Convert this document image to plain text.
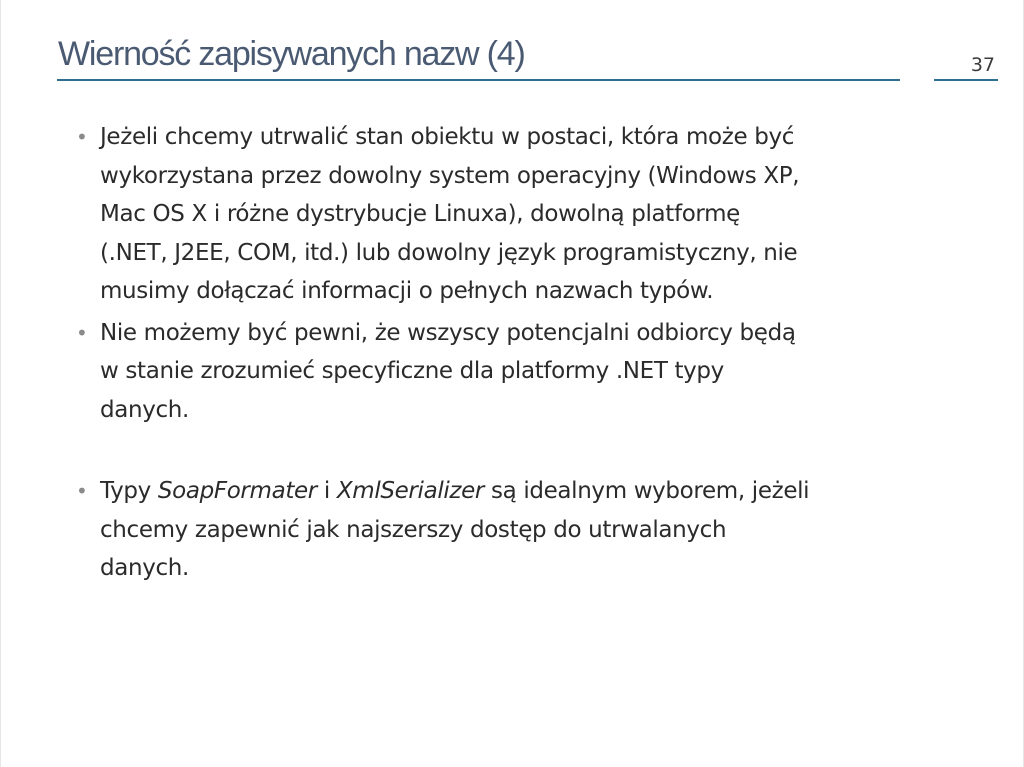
Wierność zapisywanych nazw (4)	37
• Jeżeli chcemy utrwalić stan obiektu w postaci, która może być
wykorzystana przez dowolny system operacyjny (Windows XP,
Mac OS X i różne dystrybucje Linuxa), dowolną platformę
(.NET, J2EE, COM, itd.) lub dowolny język programistyczny, nie
musimy dołączać informacji o pełnych nazwach typów.
• Nie możemy być pewni, że wszyscy potencjalni odbiorcy będą
w stanie zrozumieć specyficzne dla platformy .NET typy
danych.
• Typy SoapFormater i XmlSerializer są idealnym wyborem, jeżeli
chcemy zapewnić jak najszerszy dostęp do utrwalanych
danych.
